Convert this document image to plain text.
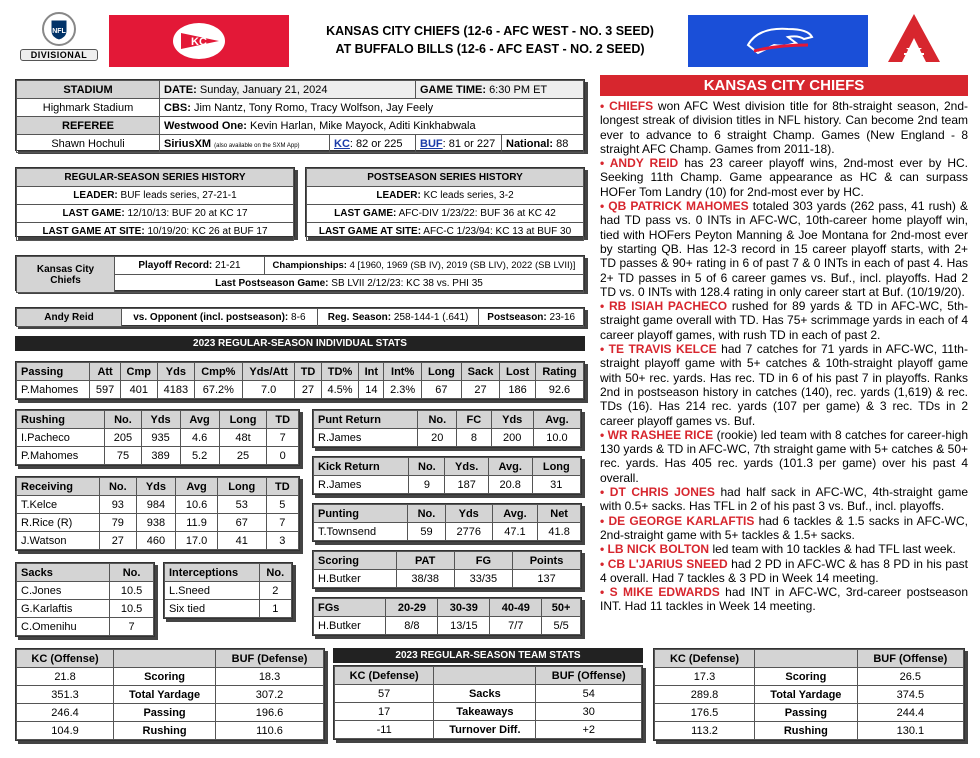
NFL
DIVISIONAL
KC
KANSAS CITY CHIEFS (12-6 - AFC WEST - NO. 3 SEED)
AT BUFFALO BILLS (12-6 - AFC EAST - NO. 2 SEED)
STADIUM	DATE: Sunday, January 21, 2024		GAME TIME: 6:30 PM ET	
Highmark Stadium	CBS: Jim Nantz, Tony Romo, Tracy Wolfson, Jay Feely			
REFEREE	Westwood One: Kevin Harlan, Mike Mayock, Aditi Kinkhabwala			
Shawn Hochuli	SiriusXM (also available on the SXM App)	KC: 82 or 225	BUF: 81 or 227	National: 88
REGULAR-SEASON SERIES HISTORY
LEADER: BUF leads series, 27-21-1
LAST GAME: 12/10/13: BUF 20 at KC 17
LAST GAME AT SITE: 10/19/20: KC 26 at BUF 17
POSTSEASON SERIES HISTORY
LEADER: KC leads series, 3-2
LAST GAME: AFC-DIV 1/23/22: BUF 36 at KC 42
LAST GAME AT SITE: AFC-C 1/23/94: KC 13 at BUF 30
Kansas City Chiefs	Playoff Record: 21-21	Championships: 4 [1960, 1969 (SB IV), 2019 (SB LIV), 2022 (SB LVII)]
Last Postseason Game: SB LVII 2/12/23: KC 38 vs. PHI 35
Andy Reid	vs. Opponent (incl. postseason): 8-6	Reg. Season: 258-144-1 (.641)	Postseason: 23-16
2023 REGULAR-SEASON INDIVIDUAL STATS
Passing	Att	Cmp	Yds	Cmp%	Yds/Att	TD	TD%	Int	Int%	Long	Sack	Lost	Rating
P.Mahomes	597	401	4183	67.2%	7.0	27	4.5%	14	2.3%	67	27	186	92.6
Rushing	No.	Yds	Avg	Long	TD
I.Pacheco	205	935	4.6	48t	7
P.Mahomes	75	389	5.2	25	0
Receiving	No.	Yds	Avg	Long	TD
T.Kelce	93	984	10.6	53	5
R.Rice (R)	79	938	11.9	67	7
J.Watson	27	460	17.0	41	3
Sacks	No.
C.Jones	10.5
G.Karlaftis	10.5
C.Omenihu	7
Interceptions	No.
L.Sneed	2
Six tied	1
Punt Return	No.	FC	Yds	Avg.
R.James	20	8	200	10.0
Kick Return	No.	Yds.	Avg.	Long
R.James	9	187	20.8	31
Punting	No.	Yds	Avg.	Net
T.Townsend	59	2776	47.1	41.8
Scoring	PAT	FG	Points
H.Butker	38/38	33/35	137
FGs	20-29	30-39	40-49	50+
H.Butker	8/8	13/15	7/7	5/5
KC (Offense)		BUF (Defense)
21.8	Scoring	18.3
351.3	Total Yardage	307.2
246.4	Passing	196.6
104.9	Rushing	110.6
2023 REGULAR-SEASON TEAM STATS
KC (Defense)		BUF (Offense)
57	Sacks	54
17	Takeaways	30
-11	Turnover Diff.	+2
KC (Defense)		BUF (Offense)
17.3	Scoring	26.5
289.8	Total Yardage	374.5
176.5	Passing	244.4
113.2	Rushing	130.1
KANSAS CITY CHIEFS

• CHIEFS won AFC West division title for 8th-straight season, 2nd-longest streak of division titles in NFL history. Can become 2nd team ever to advance to 6 straight Champ. Games (New England - 8 straight AFC Champ. Games from 2011-18).

• ANDY REID has 23 career playoff wins, 2nd-most ever by HC. Seeking 11th Champ. Game appearance as HC & can surpass HOFer Tom Landry (10) for 2nd-most ever by HC.

• QB PATRICK MAHOMES totaled 303 yards (262 pass, 41 rush) & had TD pass vs. 0 INTs in AFC-WC, 10th-career home playoff win, tied with HOFers Peyton Manning & Joe Montana for 2nd-most ever by starting QB. Has 12-3 record in 15 career playoff starts, with 2+ TD passes & 90+ rating in 6 of past 7 & 0 INTs in each of past 4. Has 2+ TD passes in 5 of 6 career games vs. Buf., incl. playoffs. Had 2 TD vs. 0 INTs with 128.4 rating in only career start at Buf. (10/19/20).

• RB ISIAH PACHECO rushed for 89 yards & TD in AFC-WC, 5th-straight game overall with TD. Has 75+ scrimmage yards in each of 4 career playoff games, with rush TD in each of past 2.

• TE TRAVIS KELCE had 7 catches for 71 yards in AFC-WC, 11th-straight playoff game with 5+ catches & 10th-straight playoff game with 50+ rec. yards. Has rec. TD in 6 of his past 7 in playoffs. Ranks 2nd in postseason history in catches (140), rec. yards (1,619) & rec. TDs (16). Has 214 rec. yards (107 per game) & 3 rec. TDs in 2 career playoff games vs. Buf.

• WR RASHEE RICE (rookie) led team with 8 catches for career-high 130 yards & TD in AFC-WC, 7th straight game with 5+ catches & 50+ rec. yards. Has 405 rec. yards (101.3 per game) over his past 4 overall.

• DT CHRIS JONES had half sack in AFC-WC, 4th-straight game with 0.5+ sacks. Has TFL in 2 of his past 3 vs. Buf., incl. playoffs.

• DE GEORGE KARLAFTIS had 6 tackles & 1.5 sacks in AFC-WC, 2nd-straight game with 5+ tackles & 1.5+ sacks.

• LB NICK BOLTON led team with 10 tackles & had TFL last week.

• CB L'JARIUS SNEED had 2 PD in AFC-WC & has 8 PD in his past 4 overall. Had 7 tackles & 3 PD in Week 14 meeting.

• S MIKE EDWARDS had INT in AFC-WC, 3rd-career postseason INT. Had 11 tackles in Week 14 meeting.
